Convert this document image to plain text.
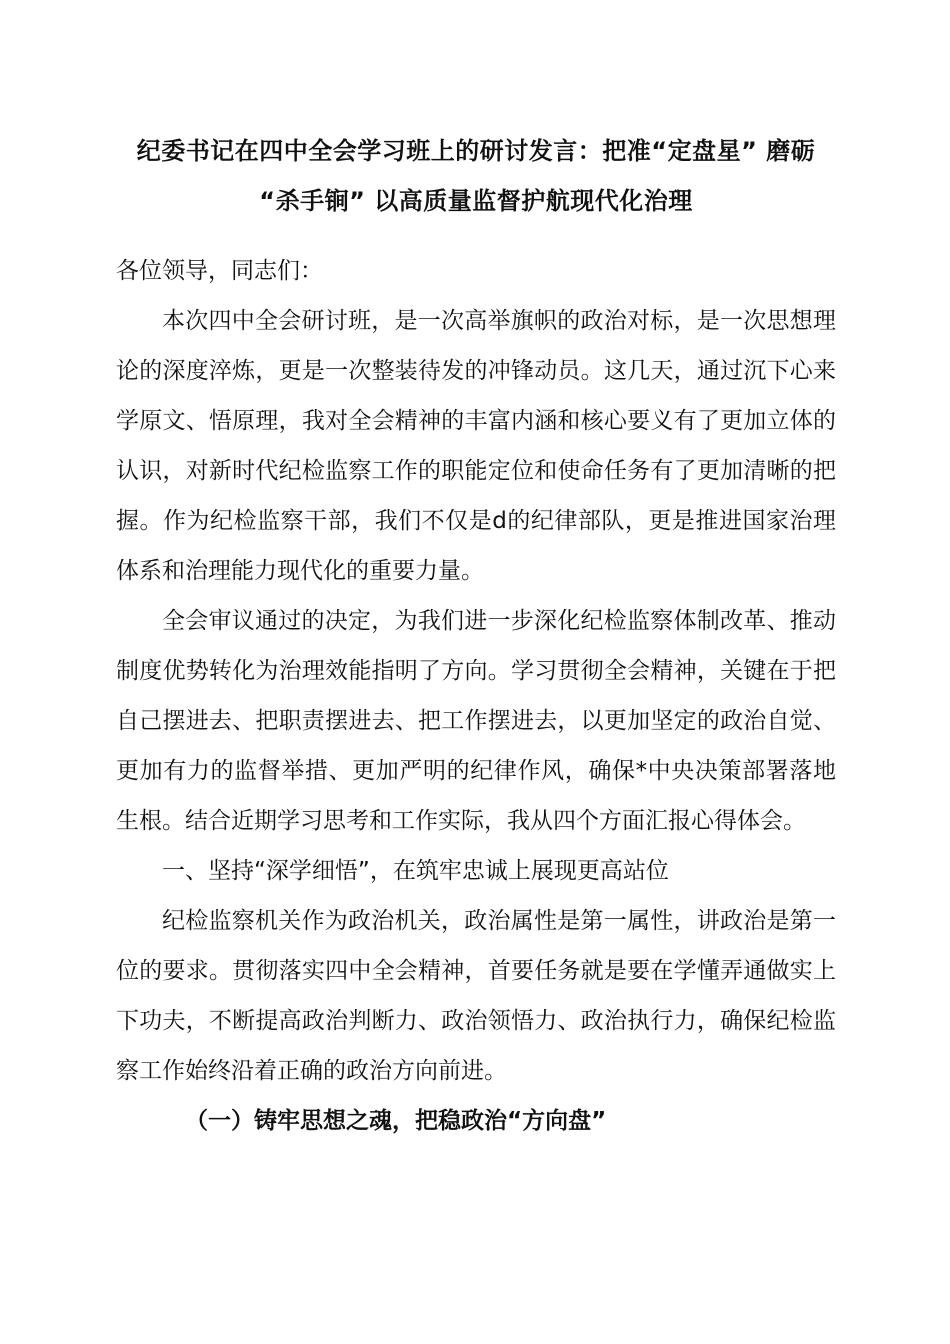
纪委书记在四中全会学习班上的研讨发言：把准“定盘星” 磨砺
“杀手锏” 以高质量监督护航现代化治理

各位领导，同志们：

本次四中全会研讨班，是一次高举旗帜的政治对标，是一次思想理论的深度淬炼，更是一次整装待发的冲锋动员。这几天，通过沉下心来学原文、悟原理，我对全会精神的丰富内涵和核心要义有了更加立体的认识，对新时代纪检监察工作的职能定位和使命任务有了更加清晰的把握。作为纪检监察干部，我们不仅是d的纪律部队，更是推进国家治理体系和治理能力现代化的重要力量。

全会审议通过的决定，为我们进一步深化纪检监察体制改革、推动制度优势转化为治理效能指明了方向。学习贯彻全会精神，关键在于把自己摆进去、把职责摆进去、把工作摆进去，以更加坚定的政治自觉、更加有力的监督举措、更加严明的纪律作风，确保*中央决策部署落地生根。结合近期学习思考和工作实际，我从四个方面汇报心得体会。

一、坚持“深学细悟”，在筑牢忠诚上展现更高站位

纪检监察机关作为政治机关，政治属性是第一属性，讲政治是第一位的要求。贯彻落实四中全会精神，首要任务就是要在学懂弄通做实上下功夫，不断提高政治判断力、政治领悟力、政治执行力，确保纪检监察工作始终沿着正确的政治方向前进。

（一）铸牢思想之魂，把稳政治“方向盘”
